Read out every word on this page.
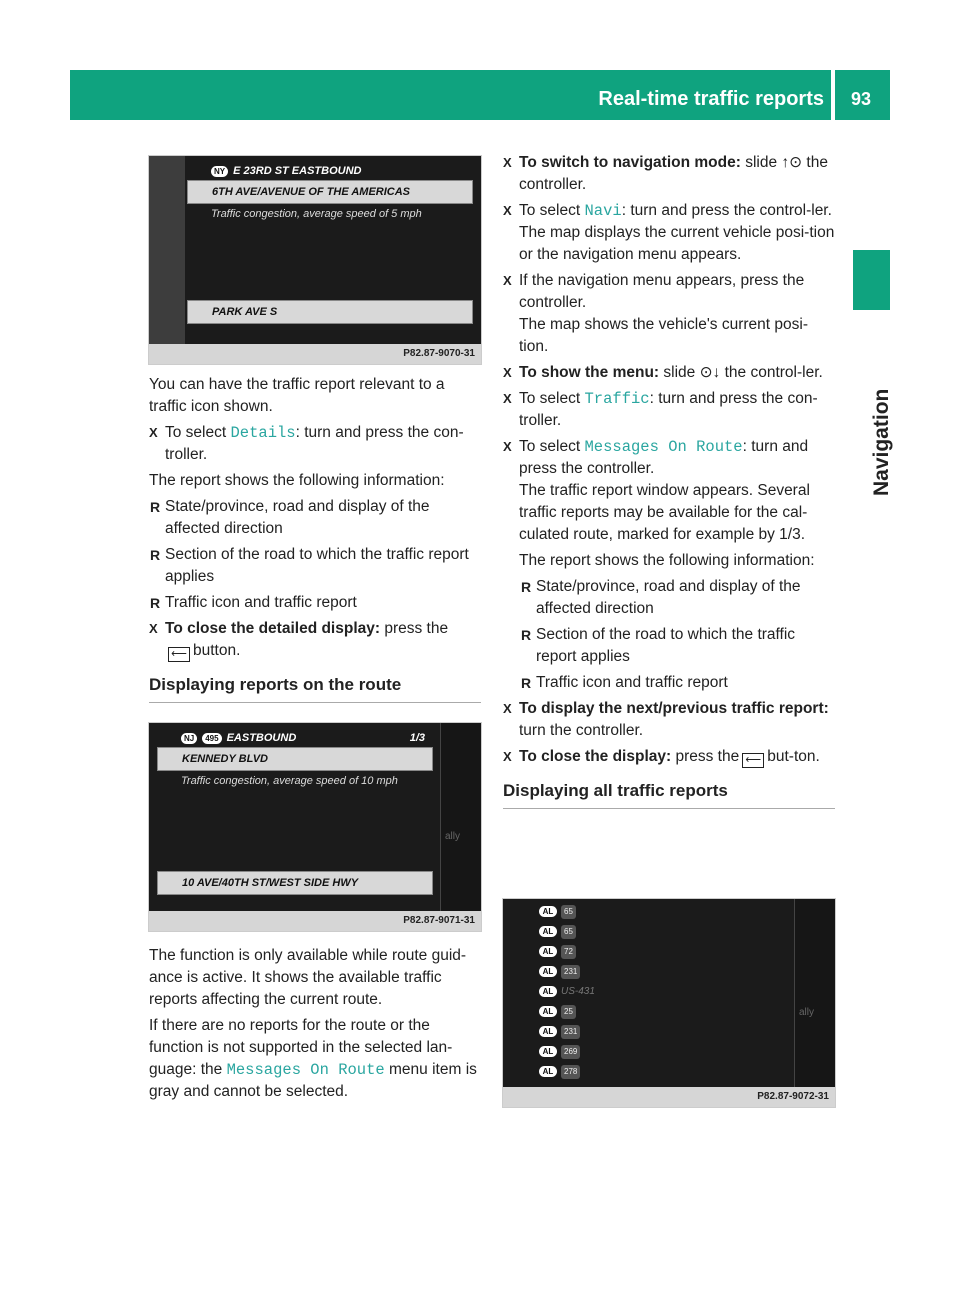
Real-time traffic reports	93
Navigation
NY E 23RD ST EASTBOUND
6TH AVE/AVENUE OF THE AMERICAS
Traffic congestion, average speed of 5 mph
PARK AVE S
P82.87-9070-31

You can have the traffic report relevant to a traffic icon shown.

X To select Details: turn and press the con-troller.

The report shows the following information:

R State/province, road and display of the affected direction
R Section of the road to which the traffic report applies
R Traffic icon and traffic report
X To close the detailed display: press the
⟵ button.
Displaying reports on the route

The function is only available while route guid-ance is active. It shows the available traffic reports affecting the current route.

If there are no reports for the route or the function is not supported in the selected lan-guage: the Messages On Route menu item is gray and cannot be selected.

ally
NJ 495 EASTBOUND	1/3
KENNEDY BLVD
Traffic congestion, average speed of 10 mph
10 AVE/40TH ST/WEST SIDE HWY
P82.87-9071-31
X To switch to navigation mode: slide ↑⊙ the controller.
X To select Navi: turn and press the control-ler.
The map displays the current vehicle posi-tion or the navigation menu appears.
X If the navigation menu appears, press the controller.
The map shows the vehicle's current posi-tion.
X To show the menu: slide ⊙↓ the control-ler.
X To select Traffic: turn and press the con-troller.
X To select Messages On Route: turn and press the controller.
The traffic report window appears. Several traffic reports may be available for the cal-culated route, marked for example by 1/3.

The report shows the following information:

R State/province, road and display of the affected direction
R Section of the road to which the traffic report applies
R Traffic icon and traffic report
X To display the next/previous traffic report: turn the controller.
X To close the display: press the ⟵ but-ton.
Displaying all traffic reports
ally
AL 65
AL 65
AL 72
AL 231
AL US-431
AL 25
AL 231
AL 269
AL 278
P82.87-9072-31
